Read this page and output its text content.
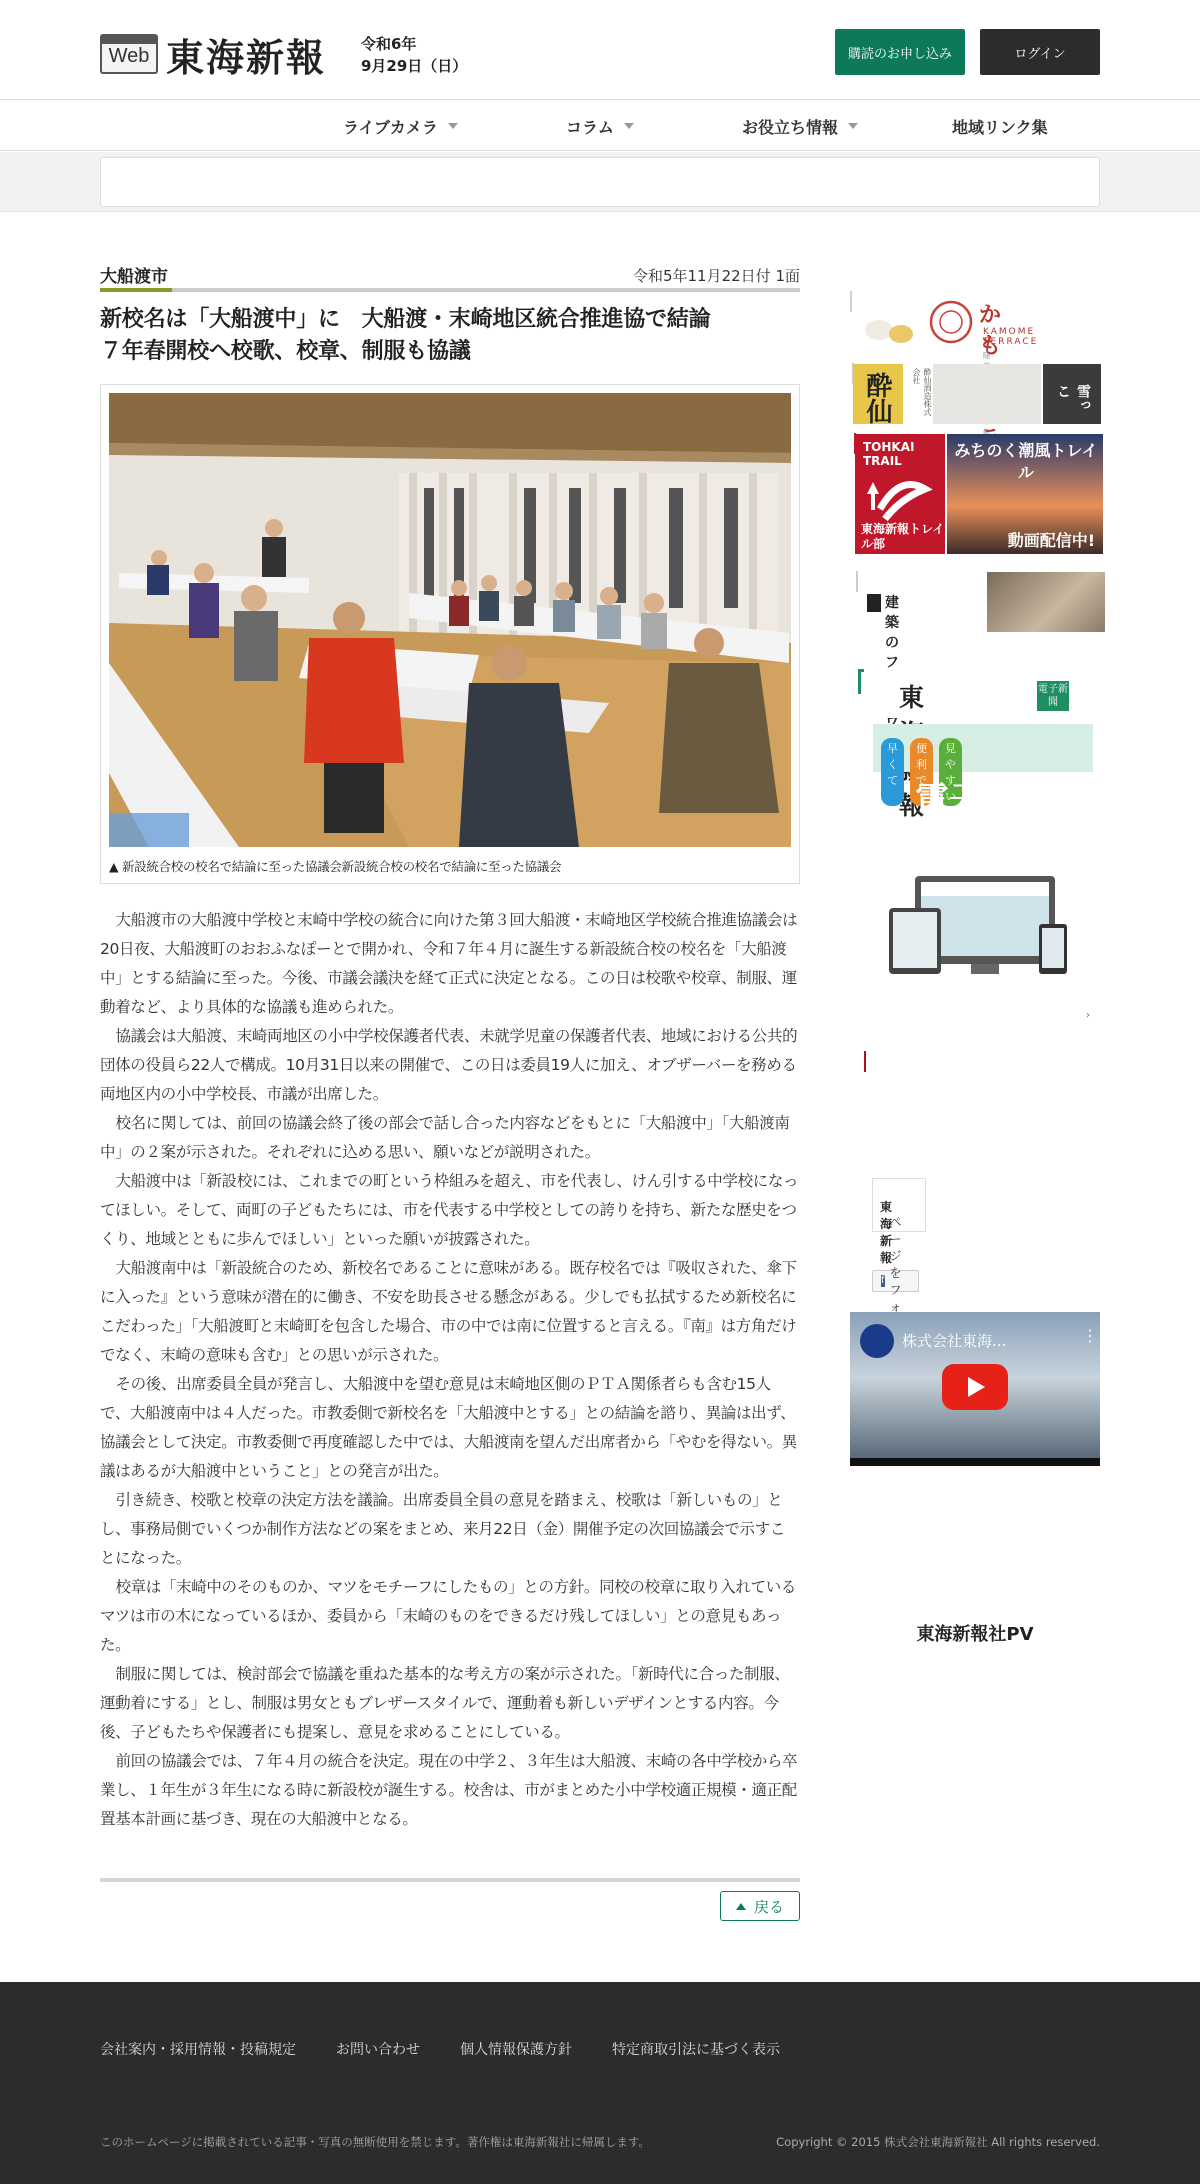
Web 東海新報 令和6年
9月29日（日）
購読のお申し込み	ログイン
ライブカメラ	コラム	お役立ち情報	地域リンク集
大船渡市	令和5年11月22日付 1面
新校名は「大船渡中」に　大船渡・末崎地区統合推進協で結論
７年春開校へ校歌、校章、制服も協議
▲ 新設統合校の校名で結論に至った協議会新設統合校の校名で結論に至った協議会

大船渡市の大船渡中学校と末崎中学校の統合に向けた第３回大船渡・末崎地区学校統合推進協議会は20日夜、大船渡町のおおふなぽーとで開かれ、令和７年４月に誕生する新設統合校の校名を「大船渡中」とする結論に至った。今後、市議会議決を経て正式に決定となる。この日は校歌や校章、制服、運動着など、より具体的な協議も進められた。

協議会は大船渡、末崎両地区の小中学校保護者代表、未就学児童の保護者代表、地域における公共的団体の役員ら22人で構成。10月31日以来の開催で、この日は委員19人に加え、オブザーバーを務める両地区内の小中学校長、市議が出席した。

校名に関しては、前回の協議会終了後の部会で話し合った内容などをもとに「大船渡中」「大船渡南中」の２案が示された。それぞれに込める思い、願いなどが説明された。

大船渡中は「新設校には、これまでの町という枠組みを超え、市を代表し、けん引する中学校になってほしい。そして、両町の子どもたちには、市を代表する中学校としての誇りを持ち、新たな歴史をつくり、地域とともに歩んでほしい」といった願いが披露された。

大船渡南中は「新設統合のため、新校名であることに意味がある。既存校名では『吸収された、傘下に入った』という意味が潜在的に働き、不安を助長させる懸念がある。少しでも払拭するため新校名にこだわった」「大船渡町と末崎町を包含した場合、市の中では南に位置すると言える。『南』は方角だけでなく、末崎の意味も含む」との思いが示された。

その後、出席委員全員が発言し、大船渡中を望む意見は末崎地区側のＰＴＡ関係者らも含む15人で、大船渡南中は４人だった。市教委側で新校名を「大船渡中とする」との結論を諮り、異論は出ず、協議会として決定。市教委側で再度確認した中では、大船渡南を望んだ出席者から「やむを得ない。異議はあるが大船渡中ということ」との発言が出た。

引き続き、校歌と校章の決定方法を議論。出席委員全員の意見を踏まえ、校歌は「新しいもの」とし、事務局側でいくつか制作方法などの案をまとめ、来月22日（金）開催予定の次回協議会で示すことになった。

校章は「末崎中のそのものか、マツをモチーフにしたもの」との方針。同校の校章に取り入れているマツは市の木になっているほか、委員から「末崎のものをできるだけ残してほしい」との意見もあった。

制服に関しては、検討部会で協議を重ねた基本的な考え方の案が示された。「新時代に合った制服、運動着にする」とし、制服は男女ともブレザースタイルで、運動着も新しいデザインとする内容。今後、子どもたちや保護者にも提案し、意見を求めることにしている。

前回の協議会では、７年４月の統合を決定。現在の中学２、３年生は大船渡、末崎の各中学校から卒業し、１年生が３年生になる時に新設校が誕生する。校舎は、市がまとめた小中学校適正規模・適正配置基本計画に基づき、現在の大船渡中となる。

戻る
株式会社東海...	⋮
東海新報社PV
会社案内・採用情報・投稿規定	お問い合わせ	個人情報保護方針	特定商取引法に基づく表示
このホームページに掲載されている記事・写真の無断使用を禁じます。著作権は東海新報社に帰属します。	Copyright © 2015 株式会社東海新報社 All rights reserved.
